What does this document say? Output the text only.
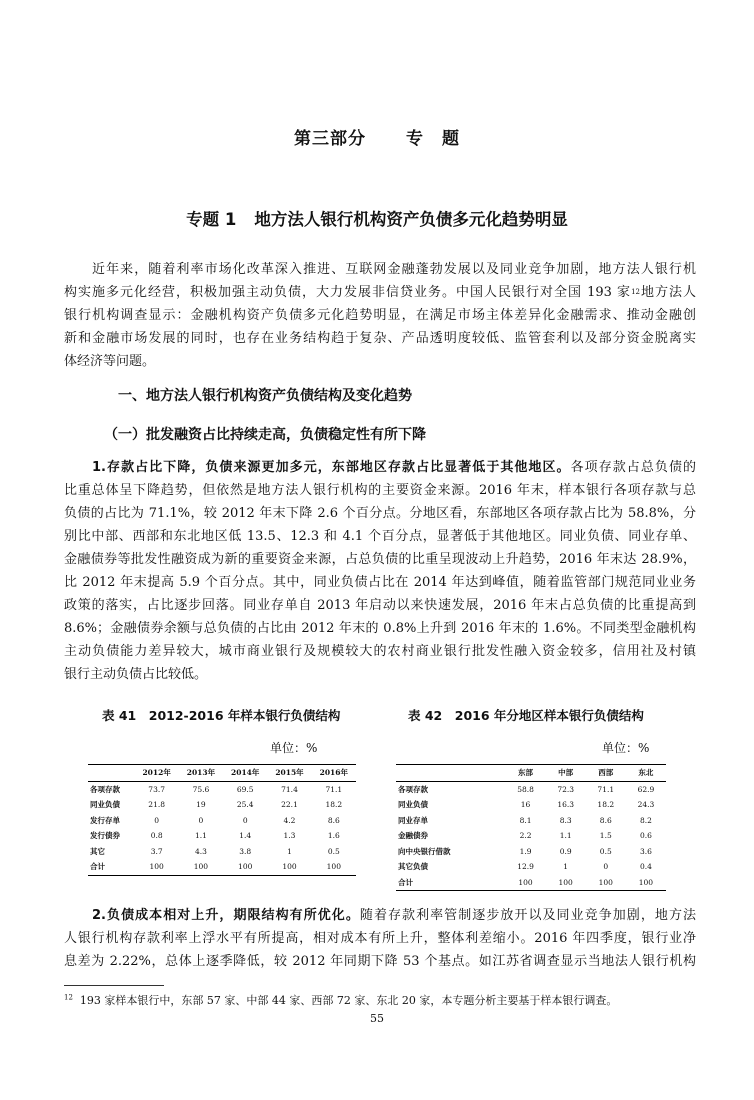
第三部分 专　题
专题 1 地方法人银行机构资产负债多元化趋势明显
近年来，随着利率市场化改革深入推进、互联网金融蓬勃发展以及同业竞争加剧，地方法人银行机
构实施多元化经营，积极加强主动负债，大力发展非信贷业务。中国人民银行对全国 193 家$^{12}$地方法人
银行机构调查显示：金融机构资产负债多元化趋势明显，在满足市场主体差异化金融需求、推动金融创
新和金融市场发展的同时，也存在业务结构趋于复杂、产品透明度较低、监管套利以及部分资金脱离实
体经济等问题。
一、地方法人银行机构资产负债结构及变化趋势
（一）批发融资占比持续走高，负债稳定性有所下降
1.存款占比下降，负债来源更加多元，东部地区存款占比显著低于其他地区。各项存款占总负债的
比重总体呈下降趋势，但依然是地方法人银行机构的主要资金来源。2016 年末，样本银行各项存款与总
负债的占比为 71.1%，较 2012 年末下降 2.6 个百分点。分地区看，东部地区各项存款占比为 58.8%，分
别比中部、西部和东北地区低 13.5、12.3 和 4.1 个百分点，显著低于其他地区。同业负债、同业存单、
金融债券等批发性融资成为新的重要资金来源，占总负债的比重呈现波动上升趋势，2016 年末达 28.9%，
比 2012 年末提高 5.9 个百分点。其中，同业负债占比在 2014 年达到峰值，随着监管部门规范同业业务
政策的落实，占比逐步回落。同业存单自 2013 年启动以来快速发展，2016 年末占总负债的比重提高到
8.6%；金融债券余额与总负债的占比由 2012 年末的 0.8%上升到 2016 年末的 1.6%。不同类型金融机构
主动负债能力差异较大，城市商业银行及规模较大的农村商业银行批发性融入资金较多，信用社及村镇
银行主动负债占比较低。
表 41　2012-2016 年样本银行负债结构
单位：%
	2012年	2013年	2014年	2015年	2016年
各项存款	73.7	75.6	69.5	71.4	71.1
同业负债	21.8	19	25.4	22.1	18.2
发行存单	0	0	0	4.2	8.6
发行债券	0.8	1.1	1.4	1.3	1.6
其它	3.7	4.3	3.8	1	0.5
合计	100	100	100	100	100
表 42　2016 年分地区样本银行负债结构
单位：%
	东部	中部	西部	东北
各项存款	58.8	72.3	71.1	62.9
同业负债	16	16.3	18.2	24.3
同业存单	8.1	8.3	8.6	8.2
金融债券	2.2	1.1	1.5	0.6
向中央银行借款	1.9	0.9	0.5	3.6
其它负债	12.9	1	0	0.4
合计	100	100	100	100
2.负债成本相对上升，期限结构有所优化。随着存款利率管制逐步放开以及同业竞争加剧，地方法
人银行机构存款利率上浮水平有所提高，相对成本有所上升，整体利差缩小。2016 年四季度，银行业净
息差为 2.22%，总体上逐季降低，较 2012 年同期下降 53 个基点。如江苏省调查显示当地法人银行机构
$^{12}$ 193 家样本银行中，东部 57 家、中部 44 家、西部 72 家、东北 20 家，本专题分析主要基于样本银行调查。
55
